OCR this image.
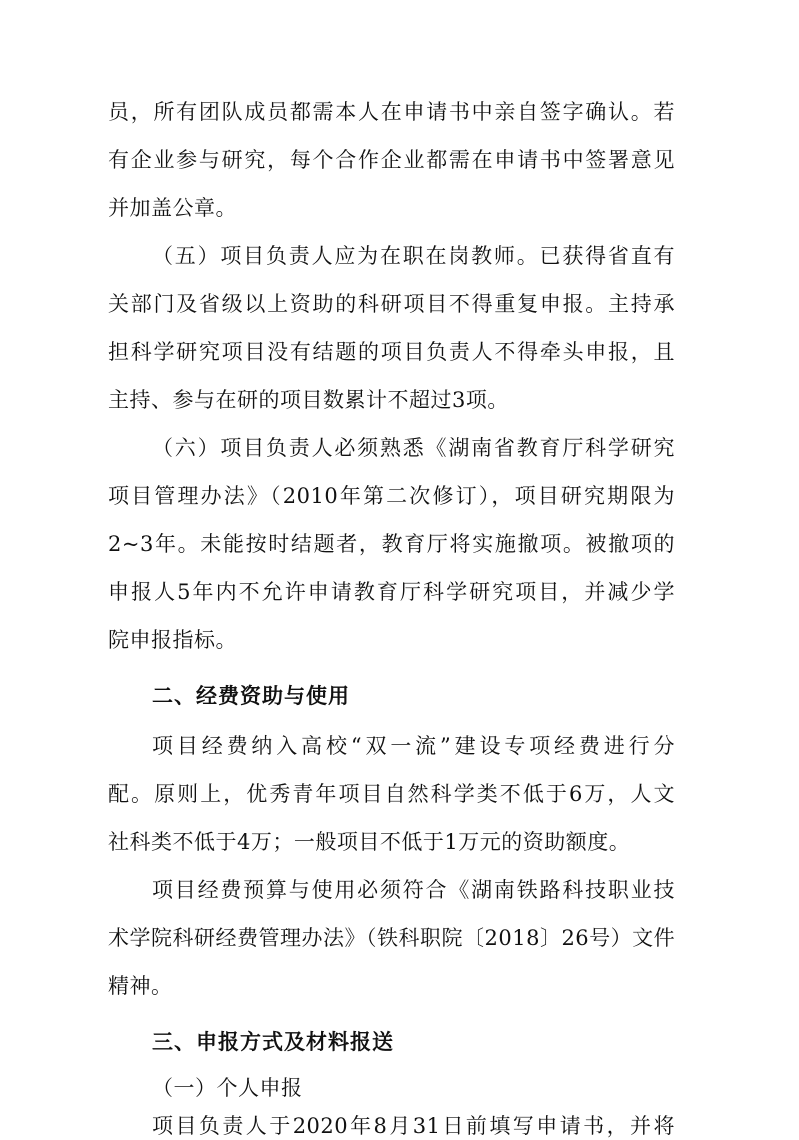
员，所有团队成员都需本人在申请书中亲自签字确认。若
有企业参与研究，每个合作企业都需在申请书中签署意见
并加盖公章。
（五）项目负责人应为在职在岗教师。已获得省直有
关部门及省级以上资助的科研项目不得重复申报。主持承
担科学研究项目没有结题的项目负责人不得牵头申报，且
主持、参与在研的项目数累计不超过3项。
（六）项目负责人必须熟悉《湖南省教育厅科学研究
项目管理办法》（2010年第二次修订），项目研究期限为
2~3年。未能按时结题者，教育厅将实施撤项。被撤项的
申报人5年内不允许申请教育厅科学研究项目，并减少学
院申报指标。
二、经费资助与使用
项目经费纳入高校“双一流”建设专项经费进行分
配。原则上，优秀青年项目自然科学类不低于6万，人文
社科类不低于4万；一般项目不低于1万元的资助额度。
项目经费预算与使用必须符合《湖南铁路科技职业技
术学院科研经费管理办法》（铁科职院〔2018〕26号）文件
精神。
三、申报方式及材料报送
（一）个人申报
项目负责人于2020年8月31日前填写申请书，并将
